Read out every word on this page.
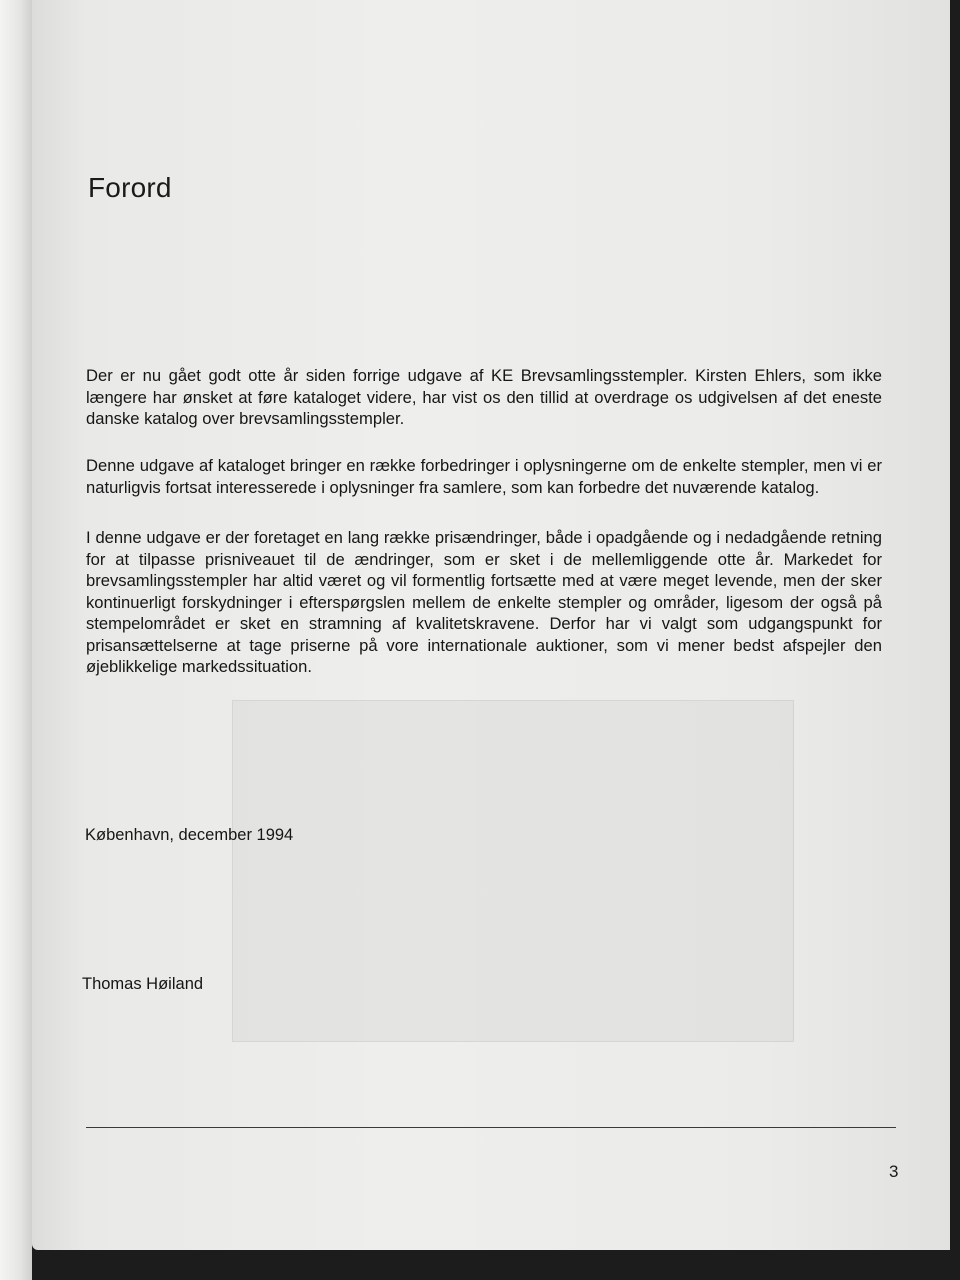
Forord

Der er nu gået godt otte år siden forrige udgave af KE Brevsamlingsstempler. Kirsten Ehlers, som ikke længere har ønsket at føre kataloget videre, har vist os den tillid at overdrage os udgivelsen af det eneste danske katalog over brevsamlingsstempler.

Denne udgave af kataloget bringer en række forbedringer i oplysningerne om de enkelte stempler, men vi er naturligvis fortsat interesserede i oplysninger fra samlere, som kan forbedre det nuværende katalog.

I denne udgave er der foretaget en lang række prisændringer, både i opadgående og i nedadgående retning for at tilpasse prisniveauet til de ændringer, som er sket i de mellemliggende otte år. Markedet for brevsamlingsstempler har altid været og vil formentlig fortsætte med at være meget levende, men der sker kontinuerligt forskydninger i efterspørgslen mellem de enkelte stempler og områder, ligesom der også på stempelområdet er sket en stramning af kvalitetskravene. Derfor har vi valgt som udgangspunkt for prisansættelserne at tage priserne på vore internationale auktioner, som vi mener bedst afspejler den øjeblikkelige markedssituation.

København, december 1994
Thomas Høiland
3
